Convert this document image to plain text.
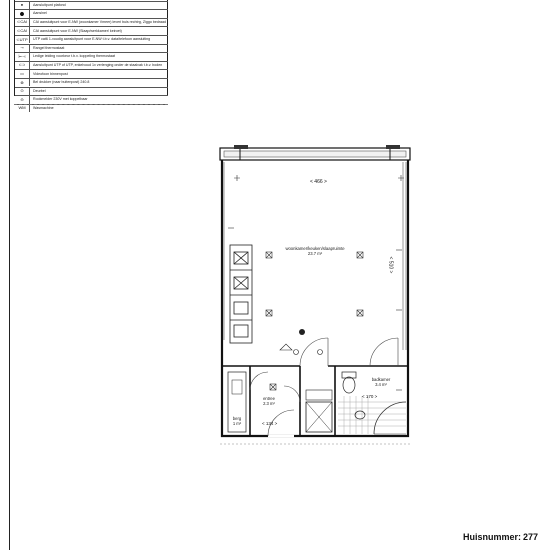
●	Aansluitpunt plafond
⬤	Aanslnel
⊂CAI	CAI aansluitpunt voor E-NW (woonkamer Vmeer) leveri buis rechtrg, Ziggo bedraad
⊂CAI	CAI aansluitpunt voor E-NW (Slaap/werkkamer/ keiroet)
⊂UTP	UTP cat6 1-voudig aansluitpunt voor E-NW t.b.v. data/telefoon aansluiting
⊸	Rangel thermostaat
⊢⊣	Ledige leiding voorkeur t.b.v. koppeling thermostaat
⊂⊃	Aansluitpunt UTP of UTP, enkelvoud 1x verlenging onder de staalvak t.b.v. boden
▭	Videofoon binnenpost
⊗	Bel drukker (naar buitenpost) 240.8
⊙	Deurbel
⊖	Rookmelder 230V met koppelbaar
WM	Wasmachine
< 466 >
< 510 >
woonkamer/keuken/slaapruimte
23.7 m²
badkamer
3.4 m²
< 170 >
entree
2.3 m²
< 134 >
berg
1 m²
Huisnummer: 277
